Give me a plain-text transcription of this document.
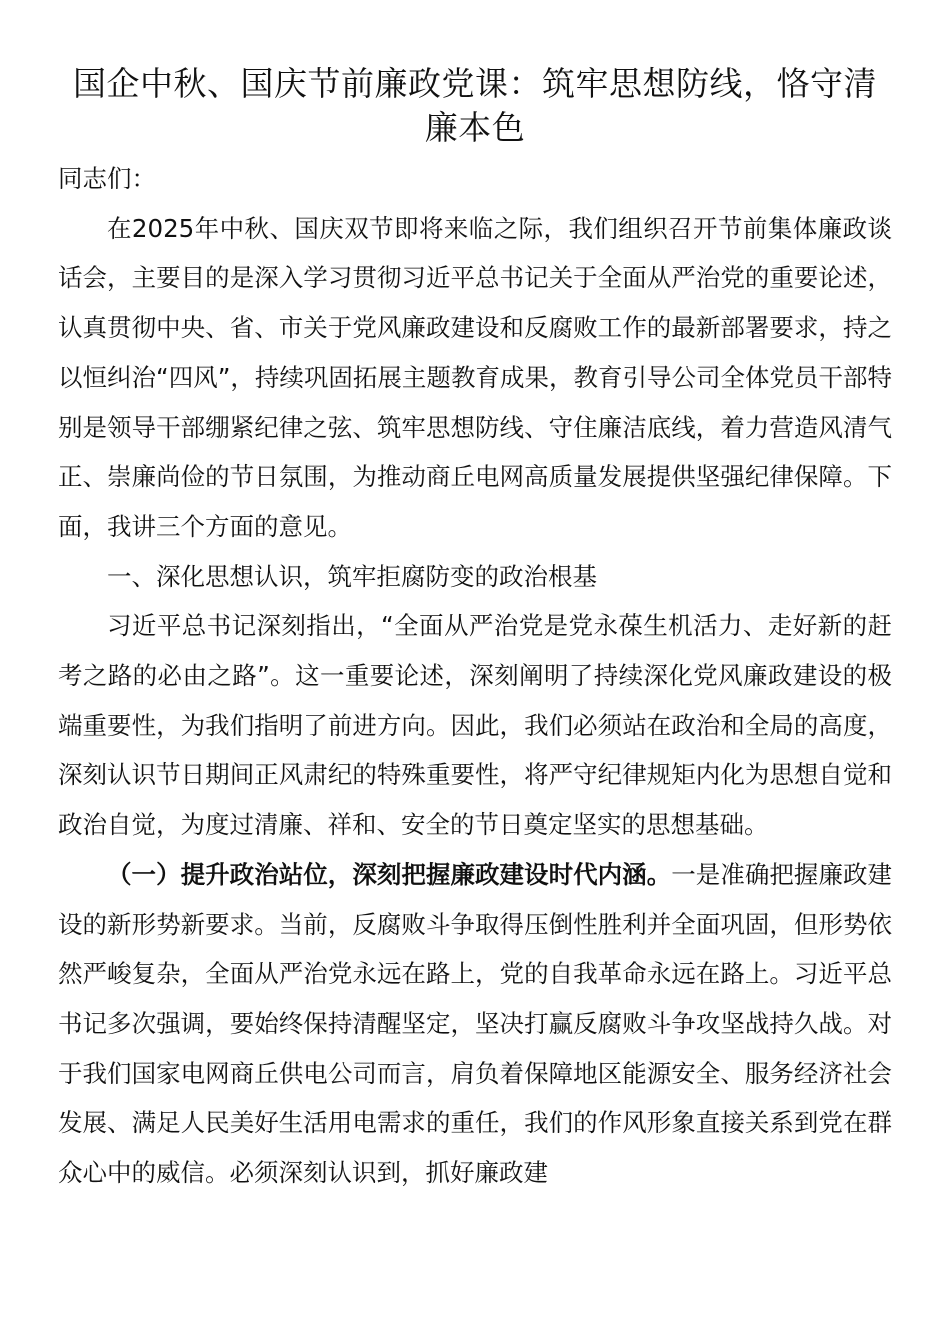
国企中秋、国庆节前廉政党课：筑牢思想防线，恪守清廉本色

同志们：

在2025年中秋、国庆双节即将来临之际，我们组织召开节前集体廉政谈话会，主要目的是深入学习贯彻习近平总书记关于全面从严治党的重要论述，认真贯彻中央、省、市关于党风廉政建设和反腐败工作的最新部署要求，持之以恒纠治“四风”，持续巩固拓展主题教育成果，教育引导公司全体党员干部特别是领导干部绷紧纪律之弦、筑牢思想防线、守住廉洁底线，着力营造风清气正、崇廉尚俭的节日氛围，为推动商丘电网高质量发展提供坚强纪律保障。下面，我讲三个方面的意见。

一、深化思想认识，筑牢拒腐防变的政治根基

习近平总书记深刻指出，“全面从严治党是党永葆生机活力、走好新的赶考之路的必由之路”。这一重要论述，深刻阐明了持续深化党风廉政建设的极端重要性，为我们指明了前进方向。因此，我们必须站在政治和全局的高度，深刻认识节日期间正风肃纪的特殊重要性，将严守纪律规矩内化为思想自觉和政治自觉，为度过清廉、祥和、安全的节日奠定坚实的思想基础。

（一）提升政治站位，深刻把握廉政建设时代内涵。一是准确把握廉政建设的新形势新要求。当前，反腐败斗争取得压倒性胜利并全面巩固，但形势依然严峻复杂，全面从严治党永远在路上，党的自我革命永远在路上。习近平总书记多次强调，要始终保持清醒坚定，坚决打赢反腐败斗争攻坚战持久战。对于我们国家电网商丘供电公司而言，肩负着保障地区能源安全、服务经济社会发展、满足人民美好生活用电需求的重任，我们的作风形象直接关系到党在群众心中的威信。必须深刻认识到，抓好廉政建
